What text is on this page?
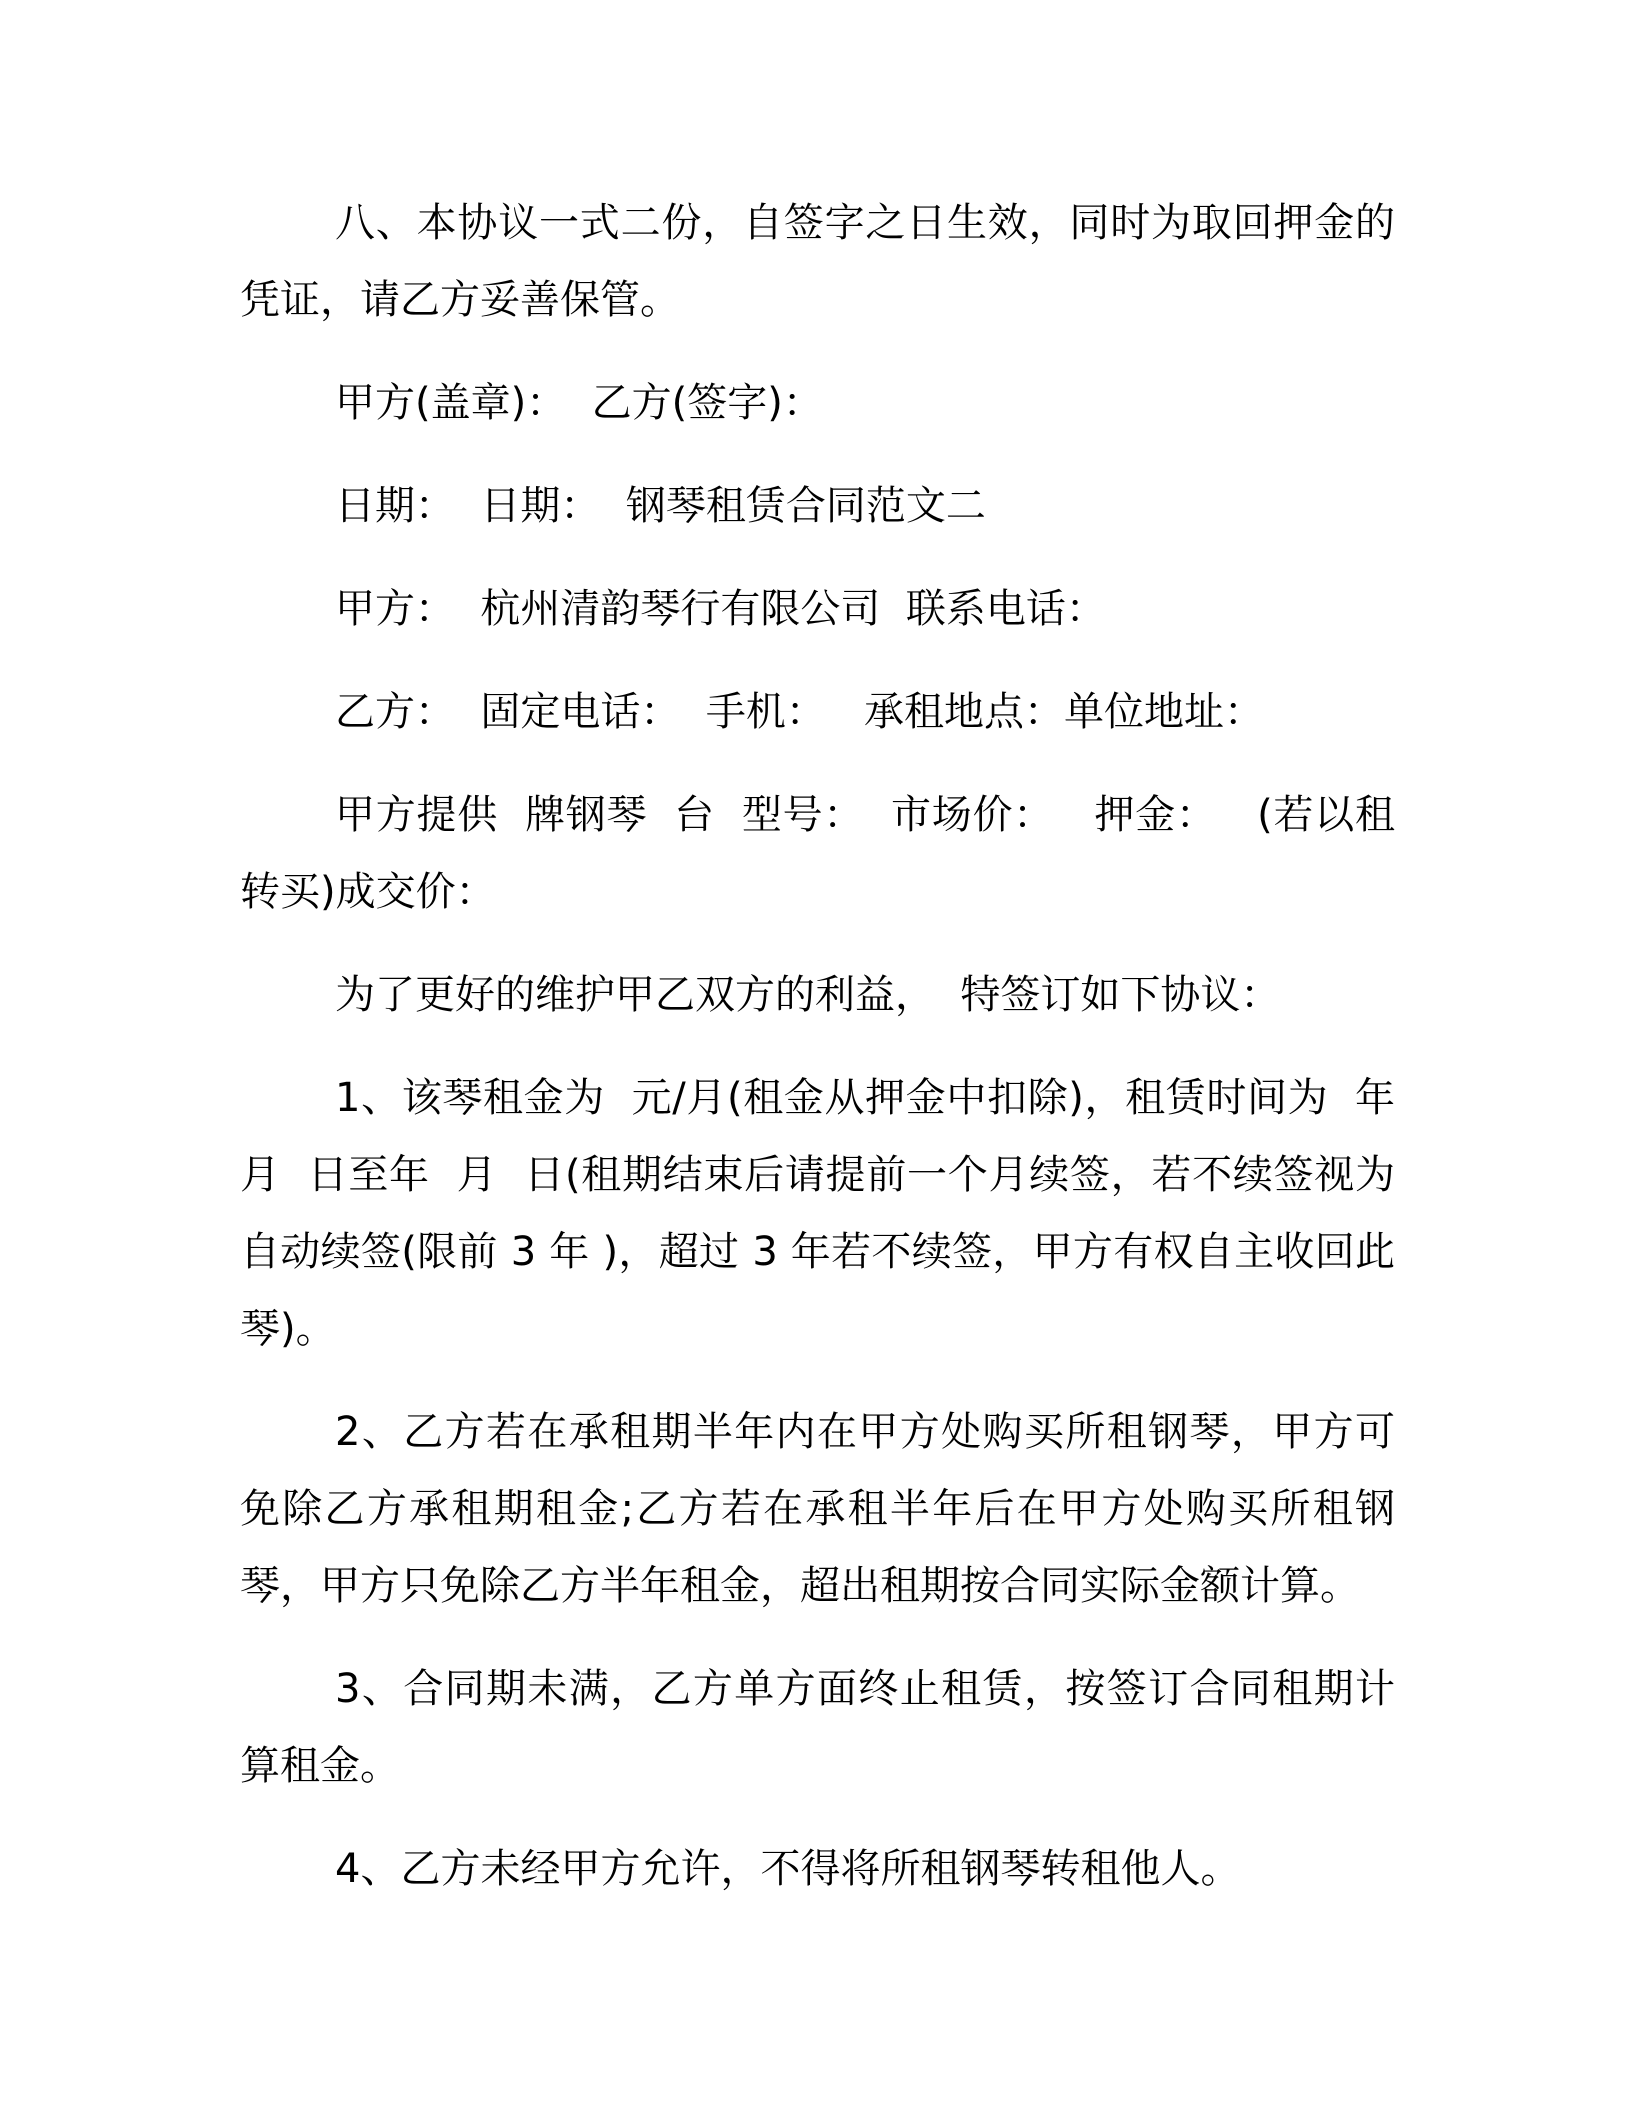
八、本协议一式二份，自签字之日生效，同时为取回押金的凭证，请乙方妥善保管。

甲方(盖章)：  乙方(签字)：

日期：  日期：  钢琴租赁合同范文二

甲方：  杭州清韵琴行有限公司  联系电话：

乙方：  固定电话：  手机：   承租地点：单位地址：

甲方提供  牌钢琴  台  型号：  市场价：   押金：   (若以租转买)成交价：

为了更好的维护甲乙双方的利益，  特签订如下协议：

1、该琴租金为  元/月(租金从押金中扣除)，租赁时间为  年  月  日至年  月  日(租期结束后请提前一个月续签，若不续签视为自动续签(限前 3 年 )，超过 3 年若不续签，甲方有权自主收回此琴)。

2、乙方若在承租期半年内在甲方处购买所租钢琴，甲方可免除乙方承租期租金;乙方若在承租半年后在甲方处购买所租钢琴，甲方只免除乙方半年租金，超出租期按合同实际金额计算。

3、合同期未满，乙方单方面终止租赁，按签订合同租期计算租金。

4、乙方未经甲方允许，不得将所租钢琴转租他人。
